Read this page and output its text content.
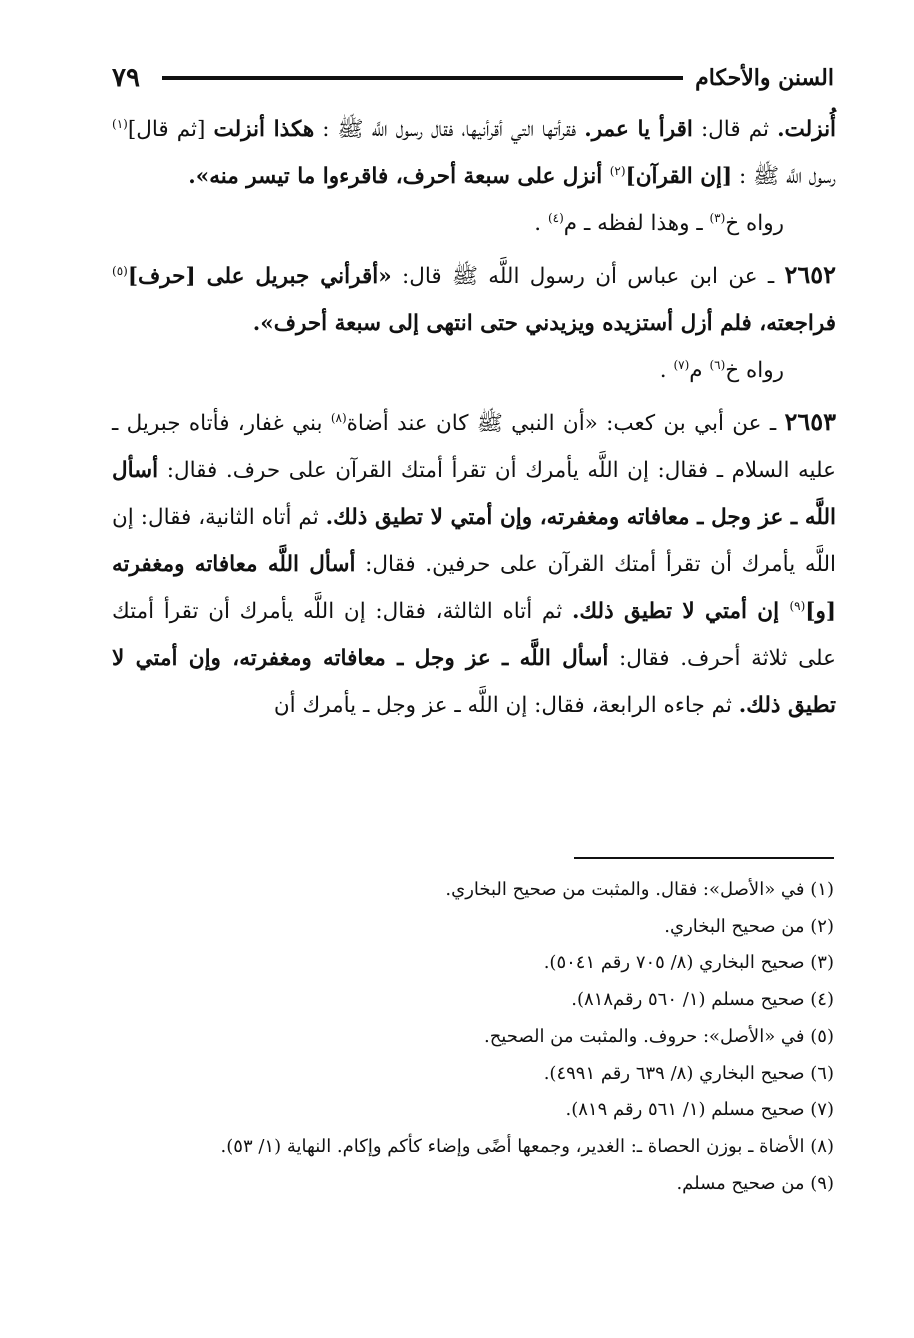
٧٩	السنن والأحكام

أُنزلت. ثم قال: اقرأ يا عمر. فقرأتها التي أقرأنيها، فقال رسول اللَّه ﷺ : هكذا أنزلت [ثم قال]$^{(١)}$ رسول اللَّه ﷺ : [إن القرآن]$^{(٢)}$ أنزل على سبعة أحرف، فاقرءوا ما تيسر منه».

رواه خ$^{(٣)}$ ـ وهذا لفظه ـ م$^{(٤)}$ .

٢٦٥٢ ـ عن ابن عباس أن رسول اللَّه ﷺ قال: «أقرأني جبريل على [حرف]$^{(٥)}$ فراجعته، فلم أزل أستزيده ويزيدني حتى انتهى إلى سبعة أحرف».

رواه خ$^{(٦)}$ م$^{(٧)}$ .

٢٦٥٣ ـ عن أبي بن كعب: «أن النبي ﷺ كان عند أضاة$^{(٨)}$ بني غفار، فأتاه جبريل ـ عليه السلام ـ فقال: إن اللَّه يأمرك أن تقرأ أمتك القرآن على حرف. فقال: أسأل اللَّه ـ عز وجل ـ معافاته ومغفرته، وإن أمتي لا تطيق ذلك. ثم أتاه الثانية، فقال: إن اللَّه يأمرك أن تقرأ أمتك القرآن على حرفين. فقال: أسأل اللَّه معافاته ومغفرته [و]$^{(٩)}$ إن أمتي لا تطيق ذلك. ثم أتاه الثالثة، فقال: إن اللَّه يأمرك أن تقرأ أمتك على ثلاثة أحرف. فقال: أسأل اللَّه ـ عز وجل ـ معافاته ومغفرته، وإن أمتي لا تطيق ذلك. ثم جاءه الرابعة، فقال: إن اللَّه ـ عز وجل ـ يأمرك أن

(١) في «الأصل»: فقال. والمثبت من صحيح البخاري.

(٢) من صحيح البخاري.

(٣) صحيح البخاري (٨/ ٧٠٥ رقم ٥٠٤١).

(٤) صحيح مسلم (١/ ٥٦٠ رقم٨١٨).

(٥) في «الأصل»: حروف. والمثبت من الصحيح.

(٦) صحيح البخاري (٨/ ٦٣٩ رقم ٤٩٩١).

(٧) صحيح مسلم (١/ ٥٦١ رقم ٨١٩).

(٨) الأضاة ـ بوزن الحصاة ـ: الغدير، وجمعها أضًى وإضاء كأكم وإكام. النهاية (١/ ٥٣).

(٩) من صحيح مسلم.
